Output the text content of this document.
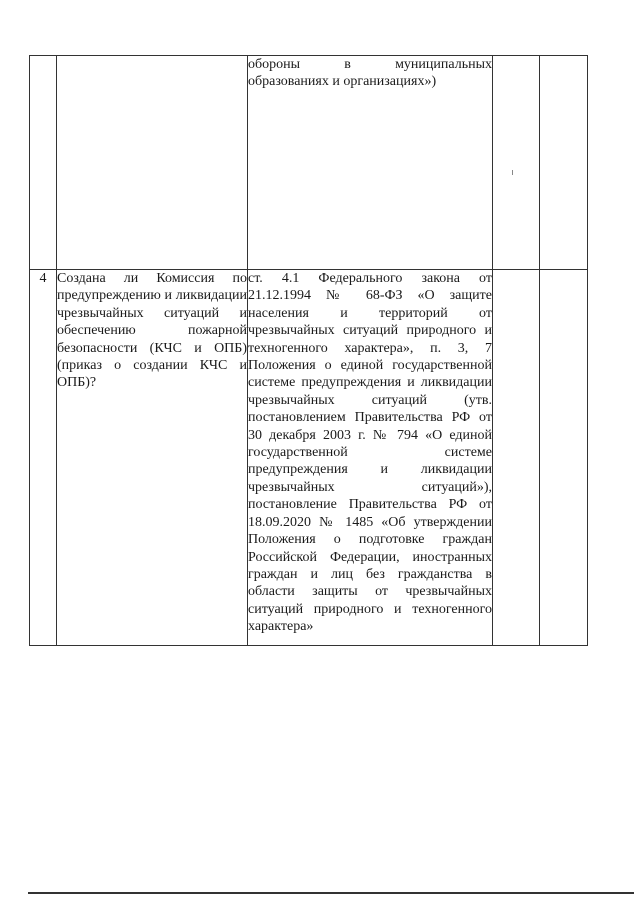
		обороны в муниципальных образованиях и организациях»)		

4	Создана ли Комиссия по предупреждению и ликвидации чрезвычайных ситуаций и обеспечению пожарной безопасности (КЧС и ОПБ) (приказ о создании КЧС и ОПБ)?	ст. 4.1 Федерального закона от 21.12.1994 № 68-ФЗ «О защите населения и территорий от чрезвычайных ситуаций природного и техногенного характера», п. 3, 7 Положения о единой государственной системе предупреждения и ликвидации чрезвычайных ситуаций (утв. постановлением Правительства РФ от 30 декабря 2003 г. № 794 «О единой государственной системе предупреждения и ликвидации чрезвычайных ситуаций»), постановление Правительства РФ от 18.09.2020 № 1485 «Об утверждении Положения о подготовке граждан Российской Федерации, иностранных граждан и лиц без гражданства в области защиты от чрезвычайных ситуаций природного и техногенного характера»		
